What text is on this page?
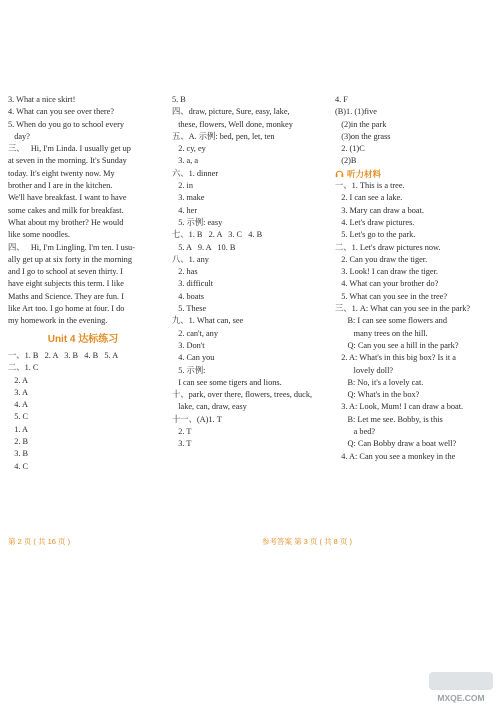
3. What a nice skirt!
4. What can you see over there?
5. When do you go to school every
day?
三、   Hi, I'm Linda. I usually get up
at seven in the morning. It's Sunday
today. It's eight twenty now. My
brother and I are in the kitchen.
We'll have breakfast. I want to have
some cakes and milk for breakfast.
What about my brother? He would
like some noodles.
四、   Hi, I'm Lingling. I'm ten. I usu-
ally get up at six forty in the morning
and I go to school at seven thirty. I
have eight subjects this term. I like
Maths and Science. They are fun. I
like Art too. I go home at four. I do
my homework in the evening.
Unit 4 达标练习
一、1. B   2. A   3. B   4. B   5. A
二、1. C
2. A
3. A
4. A
5. C
1. A
2. B
3. B
4. C
5. B
四、draw, picture, Sure, easy, lake,
these, flowers, Well done, monkey
五、A. 示例: bed, pen, let, ten
2. cy, ey
3. a, a
六、1. dinner
2. in
3. make
4. her
5. 示例: easy
七、1. B   2. A   3. C   4. B
5. A   9. A   10. B
八、1. any
2. has
3. difficult
4. boats
5. These
九、1. What can, see
2. can't, any
3. Don't
4. Can you
5. 示例:
I can see some tigers and lions.
十、park, over there, flowers, trees, duck,
lake, can, draw, easy
十一、(A)1. T
2. T
3. T
4. F
(B)1. (1)five
(2)in the park
(3)on the grass
2. (1)C
(2)B
听力材料
一、1. This is a tree.
2. I can see a lake.
3. Mary can draw a boat.
4. Let's draw pictures.
5. Let's go to the park.
二、1. Let's draw pictures now.
2. Can you draw the tiger.
3. Look! I can draw the tiger.
4. What can your brother do?
5. What can you see in the tree?
三、1. A: What can you see in the park?
B: I can see some flowers and
many trees on the hill.
Q: Can you see a hill in the park?
2. A: What's in this big box? Is it a
lovely doll?
B: No, it's a lovely cat.
Q: What's in the box?
3. A: Look, Mum! I can draw a boat.
B: Let me see. Bobby, is this
a bed?
Q: Can Bobby draw a boat well?
4. A: Can you see a monkey in the
第 2 页 ( 共 16 页 )	参考答案 第 3 页 ( 共 8 页 )
MXQE.COM
